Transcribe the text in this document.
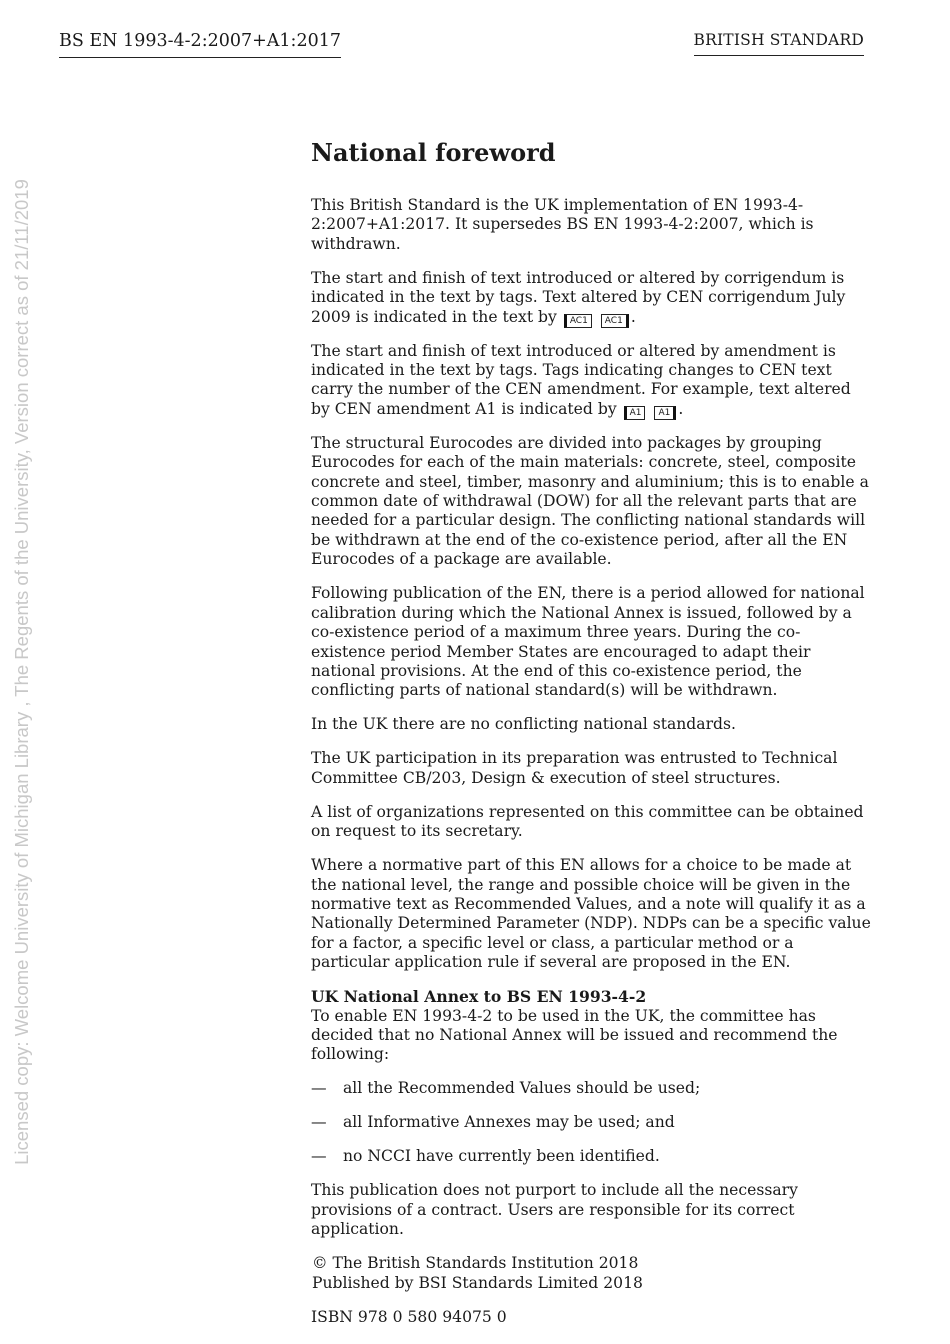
BS EN 1993-4-2:2007+A1:2017	BRITISH STANDARD
Licensed copy: Welcome University of Michigan Library , The Regents of the University, Version correct as of 21/11/2019
National foreword

This British Standard is the UK implementation of EN 1993-4-2:2007+A1:2017. It supersedes BS EN 1993-4-2:2007, which is withdrawn.

The start and finish of text introduced or altered by corrigendum is indicated in the text by tags. Text altered by CEN corrigendum July 2009 is indicated in the text by AC1 AC1 .

The start and finish of text introduced or altered by amendment is indicated in the text by tags. Tags indicating changes to CEN text carry the number of the CEN amendment. For example, text altered by CEN amendment A1 is indicated by A1 A1 .

The structural Eurocodes are divided into packages by grouping Eurocodes for each of the main materials: concrete, steel, composite concrete and steel, timber, masonry and aluminium; this is to enable a common date of withdrawal (DOW) for all the relevant parts that are needed for a particular design. The conflicting national standards will be withdrawn at the end of the co-existence period, after all the EN Eurocodes of a package are available.

Following publication of the EN, there is a period allowed for national calibration during which the National Annex is issued, followed by a co-existence period of a maximum three years. During the co-existence period Member States are encouraged to adapt their national provisions. At the end of this co-existence period, the conflicting parts of national standard(s) will be withdrawn.

In the UK there are no conflicting national standards.

The UK participation in its preparation was entrusted to Technical Committee CB/203, Design & execution of steel structures.

A list of organizations represented on this committee can be obtained on request to its secretary.

Where a normative part of this EN allows for a choice to be made at the national level, the range and possible choice will be given in the normative text as Recommended Values, and a note will qualify it as a Nationally Determined Parameter (NDP). NDPs can be a specific value for a factor, a specific level or class, a particular method or a particular application rule if several are proposed in the EN.

UK National Annex to BS EN 1993-4-2

To enable EN 1993-4-2 to be used in the UK, the committee has decided that no National Annex will be issued and recommend the following:

—	all the Recommended Values should be used;
—	all Informative Annexes may be used; and
—	no NCCI have currently been identified.

This publication does not purport to include all the necessary provisions of a contract. Users are responsible for its correct application.

© The British Standards Institution 2018
Published by BSI Standards Limited 2018

ISBN 978 0 580 94075 0
